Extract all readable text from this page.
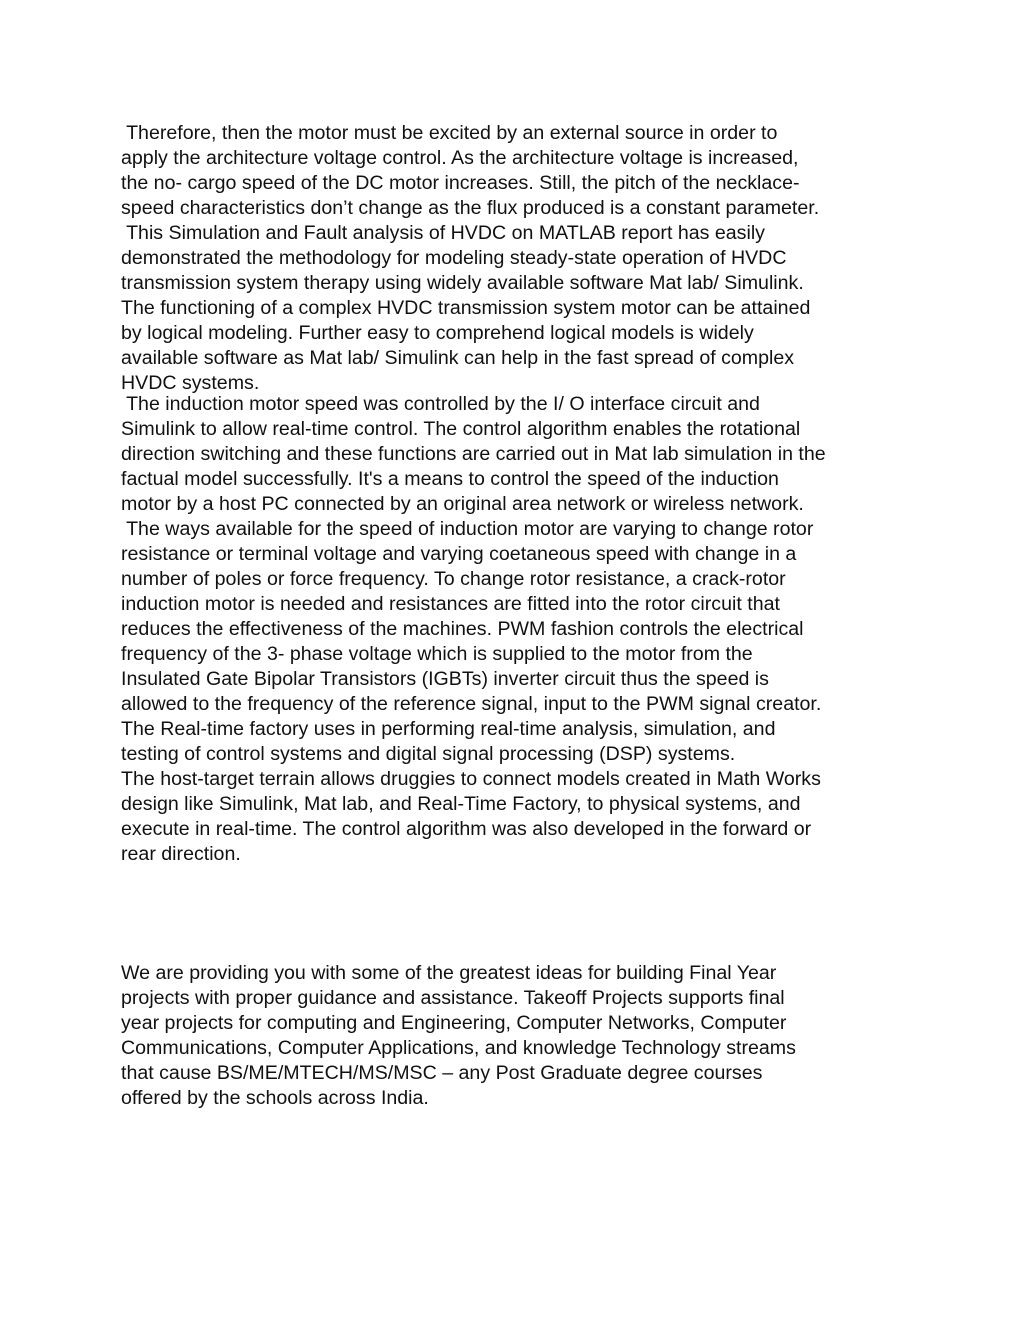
Therefore, then the motor must be excited by an external source in order to
apply the architecture voltage control. As the architecture voltage is increased,
the no- cargo speed of the DC motor increases. Still, the pitch of the necklace-
speed characteristics don’t change as the flux produced is a constant parameter.
This Simulation and Fault analysis of HVDC on MATLAB report has easily
demonstrated the methodology for modeling steady-state operation of HVDC
transmission system therapy using widely available software Mat lab/ Simulink.
The functioning of a complex HVDC transmission system motor can be attained
by logical modeling. Further easy to comprehend logical models is widely
available software as Mat lab/ Simulink can help in the fast spread of complex
HVDC systems.
The induction motor speed was controlled by the I/ O interface circuit and
Simulink to allow real-time control. The control algorithm enables the rotational
direction switching and these functions are carried out in Mat lab simulation in the
factual model successfully. It's a means to control the speed of the induction
motor by a host PC connected by an original area network or wireless network.
The ways available for the speed of induction motor are varying to change rotor
resistance or terminal voltage and varying coetaneous speed with change in a
number of poles or force frequency. To change rotor resistance, a crack-rotor
induction motor is needed and resistances are fitted into the rotor circuit that
reduces the effectiveness of the machines. PWM fashion controls the electrical
frequency of the 3- phase voltage which is supplied to the motor from the
Insulated Gate Bipolar Transistors (IGBTs) inverter circuit thus the speed is
allowed to the frequency of the reference signal, input to the PWM signal creator.
The Real-time factory uses in performing real-time analysis, simulation, and
testing of control systems and digital signal processing (DSP) systems.
The host-target terrain allows druggies to connect models created in Math Works
design like Simulink, Mat lab, and Real-Time Factory, to physical systems, and
execute in real-time. The control algorithm was also developed in the forward or
rear direction.
We are providing you with some of the greatest ideas for building Final Year
projects with proper guidance and assistance. Takeoff Projects supports final
year projects for computing and Engineering, Computer Networks, Computer
Communications, Computer Applications, and knowledge Technology streams
that cause BS/ME/MTECH/MS/MSC – any Post Graduate degree courses
offered by the schools across India.
